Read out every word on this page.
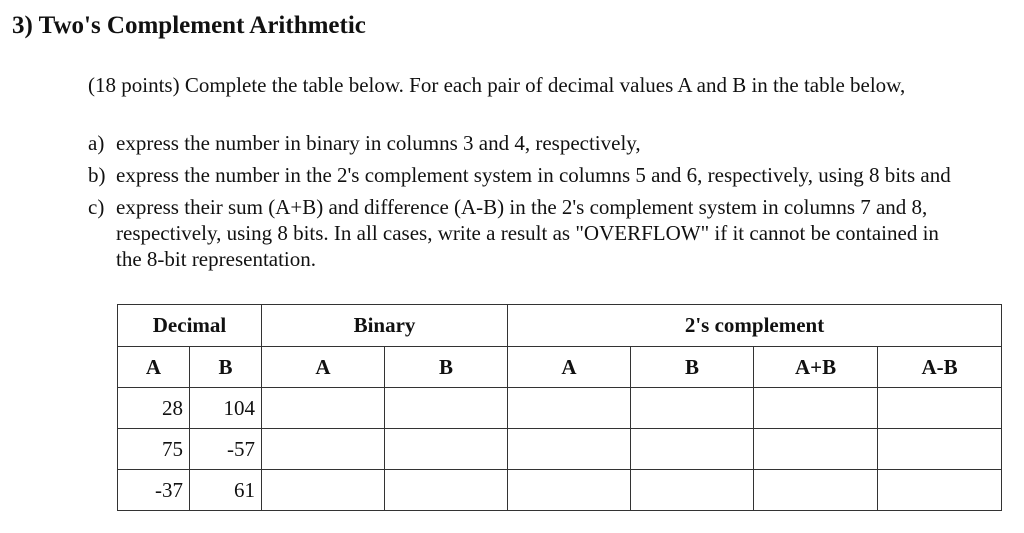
3) Two's Complement Arithmetic

(18 points) Complete the table below. For each pair of decimal values A and B in the table below,

a) express the number in binary in columns 3 and 4, respectively,
b) express the number in the 2's complement system in columns 5 and 6, respectively, using 8 bits and
c) express their sum (A+B) and difference (A-B) in the 2's complement system in columns 7 and 8, respectively, using 8 bits. In all cases, write a result as "OVERFLOW" if it cannot be contained in the 8-bit representation.
Decimal		Binary		2's complement			
A	B	A	B	A	B	A+B	A-B
28	104						
75	-57						
-37	61						
